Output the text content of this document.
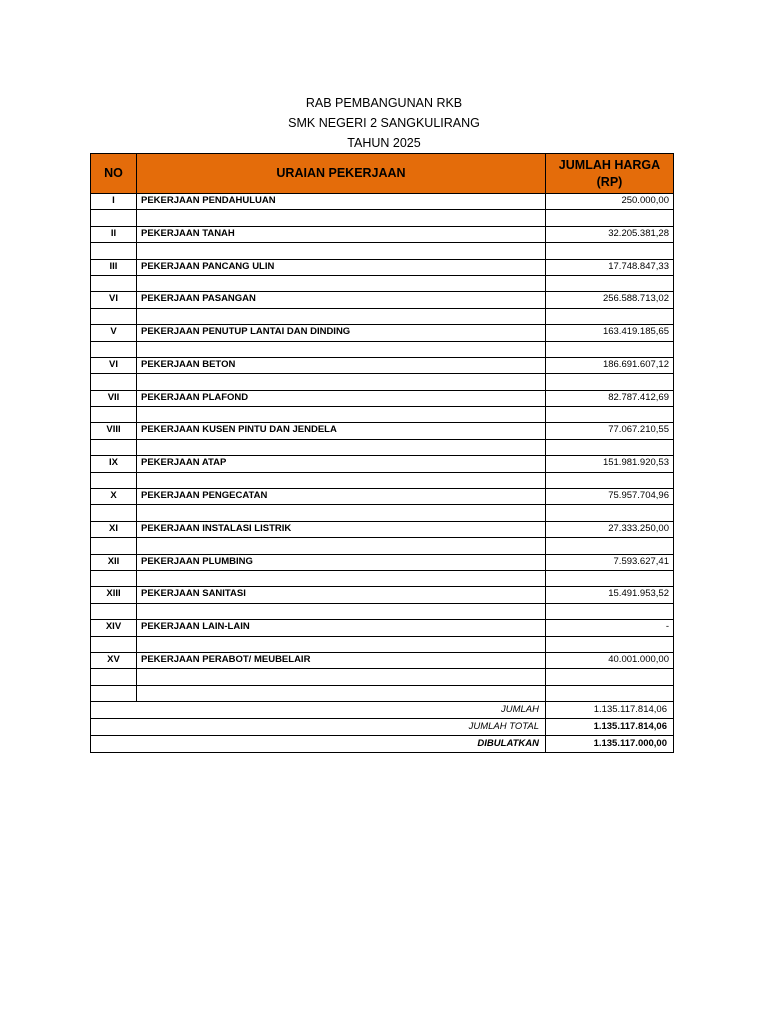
RAB PEMBANGUNAN RKB
SMK NEGERI 2 SANGKULIRANG
TAHUN 2025
NO	URAIAN PEKERJAAN	JUMLAH HARGA (RP)
I	PEKERJAAN PENDAHULUAN	250.000,00

II	PEKERJAAN TANAH	32.205.381,28

III	PEKERJAAN PANCANG ULIN	17.748.847,33

VI	PEKERJAAN PASANGAN	256.588.713,02

V	PEKERJAAN PENUTUP LANTAI DAN DINDING	163.419.185,65

VI	PEKERJAAN BETON	186.691.607,12

VII	PEKERJAAN PLAFOND	82.787.412,69

VIII	PEKERJAAN KUSEN PINTU DAN JENDELA	77.067.210,55

IX	PEKERJAAN ATAP	151.981.920,53

X	PEKERJAAN PENGECATAN	75.957.704,96

XI	PEKERJAAN INSTALASI LISTRIK	27.333.250,00

XII	PEKERJAAN PLUMBING	7.593.627,41

XIII	PEKERJAAN SANITASI	15.491.953,52

XIV	PEKERJAAN LAIN-LAIN	-

XV	PEKERJAAN PERABOT/ MEUBELAIR	40.001.000,00

JUMLAH		1.135.117.814,06
JUMLAH TOTAL		1.135.117.814,06
DIBULATKAN		1.135.117.000,00
